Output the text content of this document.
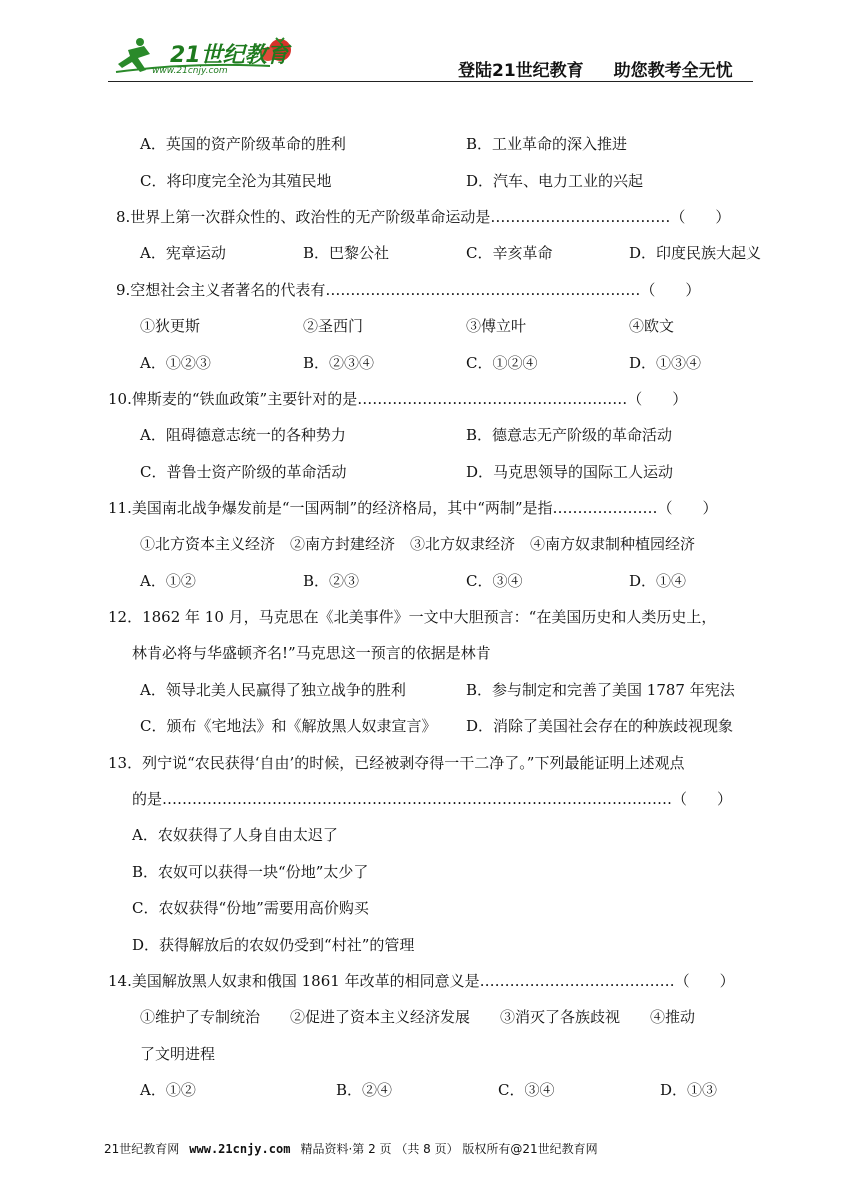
21世纪教育
www.21cnjy.com	登陆21世纪教育 助您教考全无忧
A．英国的资产阶级革命的胜利	B．工业革命的深入推进
C．将印度完全沦为其殖民地	D．汽车、电力工业的兴起
8.世界上第一次群众性的、政治性的无产阶级革命运动是………………………………（　　）
A．宪章运动	B．巴黎公社	C．辛亥革命	D．印度民族大起义
9.空想社会主义者著名的代表有………………………………………………………（　　）
①狄更斯	②圣西门	③傅立叶	④欧文
A．①②③	B．②③④	C．①②④	D．①③④
10.俾斯麦的“铁血政策”主要针对的是………………………………………………（　　）
A．阻碍德意志统一的各种势力	B．德意志无产阶级的革命活动
C．普鲁士资产阶级的革命活动	D．马克思领导的国际工人运动
11.美国南北战争爆发前是“一国两制”的经济格局，其中“两制”是指…………………（　　）
①北方资本主义经济　②南方封建经济　③北方奴隶经济　④南方奴隶制种植园经济
A．①②	B．②③	C．③④	D．①④
12．1862 年 10 月，马克思在《北美事件》一文中大胆预言：“在美国历史和人类历史上，
林肯必将与华盛顿齐名!”马克思这一预言的依据是林肯
A．领导北美人民赢得了独立战争的胜利	B．参与制定和完善了美国 1787 年宪法
C．颁布《宅地法》和《解放黑人奴隶宣言》 D．消除了美国社会存在的种族歧视现象
13．列宁说“农民获得‘自由’的时候，已经被剥夺得一干二净了。”下列最能证明上述观点
的是…………………………………………………………………………………………（　　）
A．农奴获得了人身自由太迟了
B．农奴可以获得一块“份地”太少了
C．农奴获得“份地”需要用高价购买
D．获得解放后的农奴仍受到“村社”的管理
14.美国解放黑人奴隶和俄国 1861 年改革的相同意义是…………………………………（　　）
①维护了专制统治　　②促进了资本主义经济发展　　③消灭了各族歧视　　④推动
了文明进程
A．①②	B．②④	C．③④	D．①③
21世纪教育网 www.21cnjy.com 精品资料·第 2 页 （共 8 页） 版权所有@21世纪教育网
